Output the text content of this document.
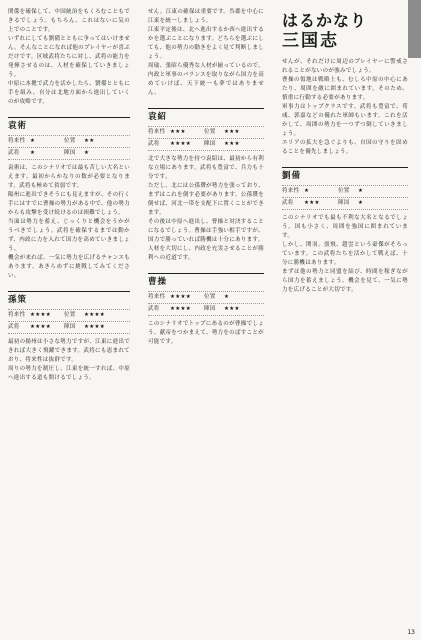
関係を確保して、中国統治をもくろむこともできるでしょう。もちろん、これはないに気の上でのことです。

いずれにしても劉備とともに争ってはいけません。そんなことになれば他のプレイヤーが喜ぶだけです。区域武将たちに対し、武将の能力を発揮させるのは、人材を確保していきましょう。

中原に本拠で武力を活かしたら、劉備とともに手を組み、自分は北地方面から進出していくのが攻略です。

袁術
将来性 ★	位置	★★
武将	★	陣国	★

袁術は、このシナリオでは最も苦しい大名といえます。最初からかなりの数が必要となります。武将も極めて貧弱です。

陽州に進出できそうにも見えますが、その行く手にはすでに曹操の勢力がある中で、他の勢力からも攻撃を受け続けるのは困難でしょう。

当面は勢力を蓄え、じっくりと機会をうかがうべきでしょう。武将を確保するまでは動かず、内政に力を入れて国力を高めていきましょう。

機会が来れば、一気に勢力を広げるチャンスもあります。あきらめずに挑戦してみてください。

孫策
将来性 ★★★★	位置	★★★★
武将	★★★★	陣国	★★★★

最初の揚州は小さな勢力ですが、江東に進出できれば大きく飛躍できます。武将にも恵まれており、将来性は抜群です。

周りの勢力を制圧し、江東を統一すれば、中原へ進出する道も開けるでしょう。

せん。江東の確保は重要です。呉郡を中心に江東を統一しましょう。

江東平定後は、北へ進出するか西へ進出するかを選ぶことになります。どちらを選ぶにしても、他の勢力の動きをよく見て判断しましょう。

周瑜、張昭ら優秀な人材が揃っているので、内政と軍事のバランスを取りながら国力を高めていけば、天下統一も夢ではありません。

袁紹
将来性 ★★★	位置	★★★
武将	★★★★	陣国	★★★

北で大きな勢力を持つ袁紹は、最初から有利な立場にあります。武将も豊富で、兵力も十分です。

ただし、北には公孫瓚が勢力を張っており、まずはこれを倒す必要があります。公孫瓚を倒せば、河北一帯を支配下に置くことができます。

その後は中原へ進出し、曹操と対決することになるでしょう。曹操は手強い相手ですが、国力で勝っていれば勝機は十分にあります。

人材を大切にし、内政を充実させることが勝利への近道です。

曹操
将来性 ★★★★	位置	★
武将	★★★★	陣国	★★★

このシナリオでトップにあるのが曹操でしょう。献帝をつかまえて、勢力をのばすことが可能です。

はるかなり
三国志

せんが、それだけに周辺のプレイヤーに警戒されることがないのが強みでしょう。

曹操の領地は戦略上も、むしろ中原の中心にあたり、周囲を敵に囲まれています。そのため、慎重に行動する必要があります。

軍事力はトップクラスです。武将も豊富で、荀彧、郭嘉などの優れた軍師もいます。これを活かして、周囲の勢力を一つずつ倒していきましょう。

エリアの拡大を急ぐよりも、自国の守りを固めることを優先しましょう。

劉備
将来性 ★	位置	★
武将	★★★	陣国	★

このシナリオでも最も不利な大名となるでしょう。国も小さく、周囲を強国に囲まれています。

しかし、関羽、張飛、趙雲という豪傑がそろっています。この武将たちを活かして戦えば、十分に勝機はあります。

まずは他の勢力と同盟を結び、時間を稼ぎながら国力を蓄えましょう。機会を見て、一気に勢力を広げることが大切です。

13
